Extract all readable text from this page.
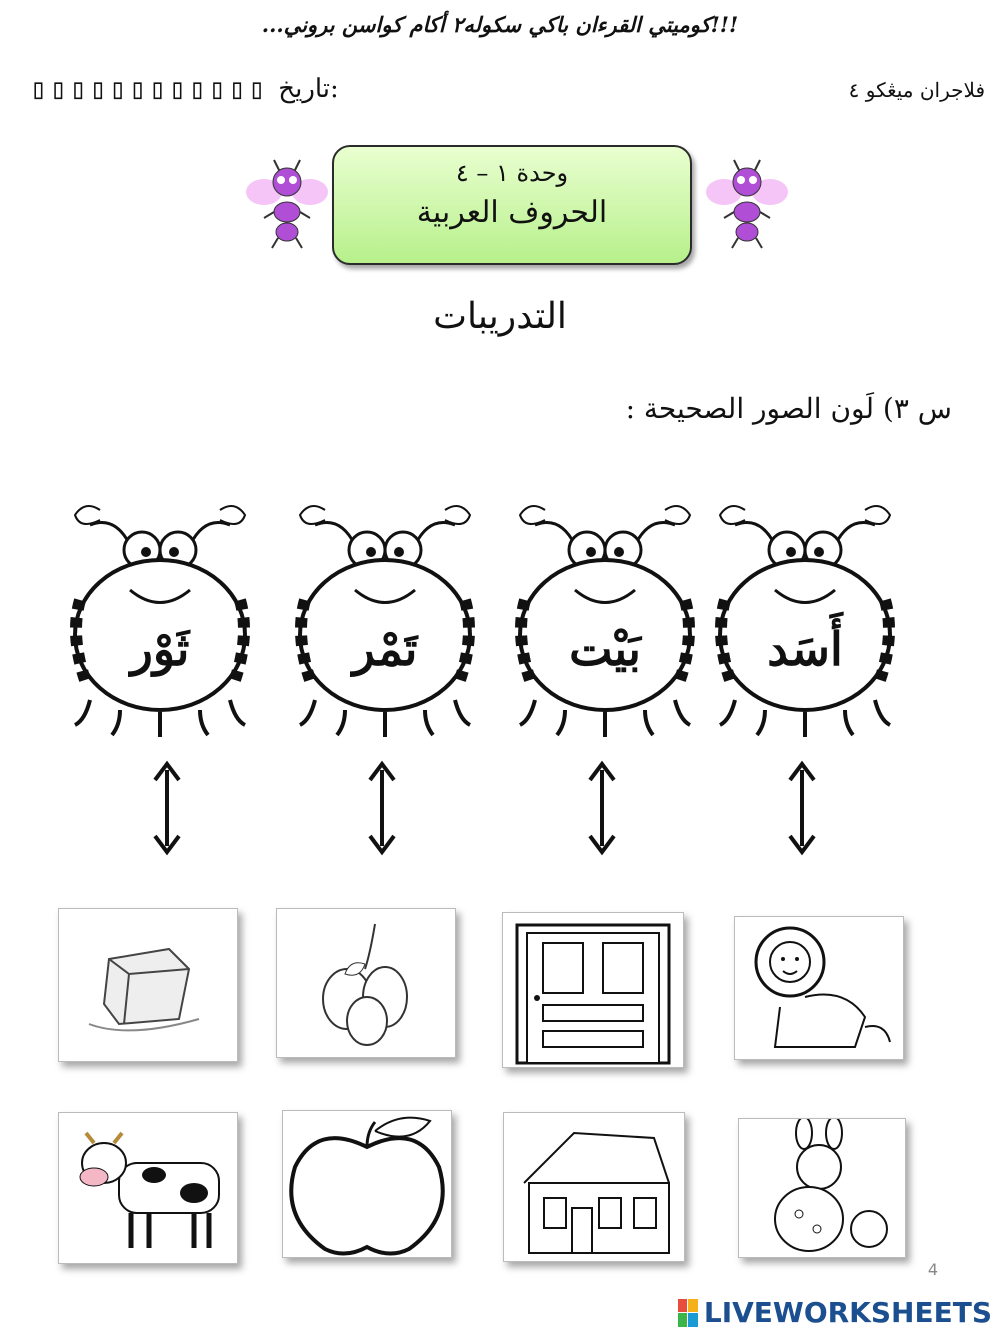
...كوميتي القرءان باكي سكوله٢ أكام كواسن بروني!!!
▯▯▯▯▯▯▯▯▯▯▯▯ تاريخ:	فلاجران ميڠكو ٤
وحدة ١ – ٤
الحروف العربية
التدريبات
س ٣) لَون الصور الصحيحة :
ثَوْر	تَمْر	بَيْت	أَسَد
4
LIVEWORKSHEETS
